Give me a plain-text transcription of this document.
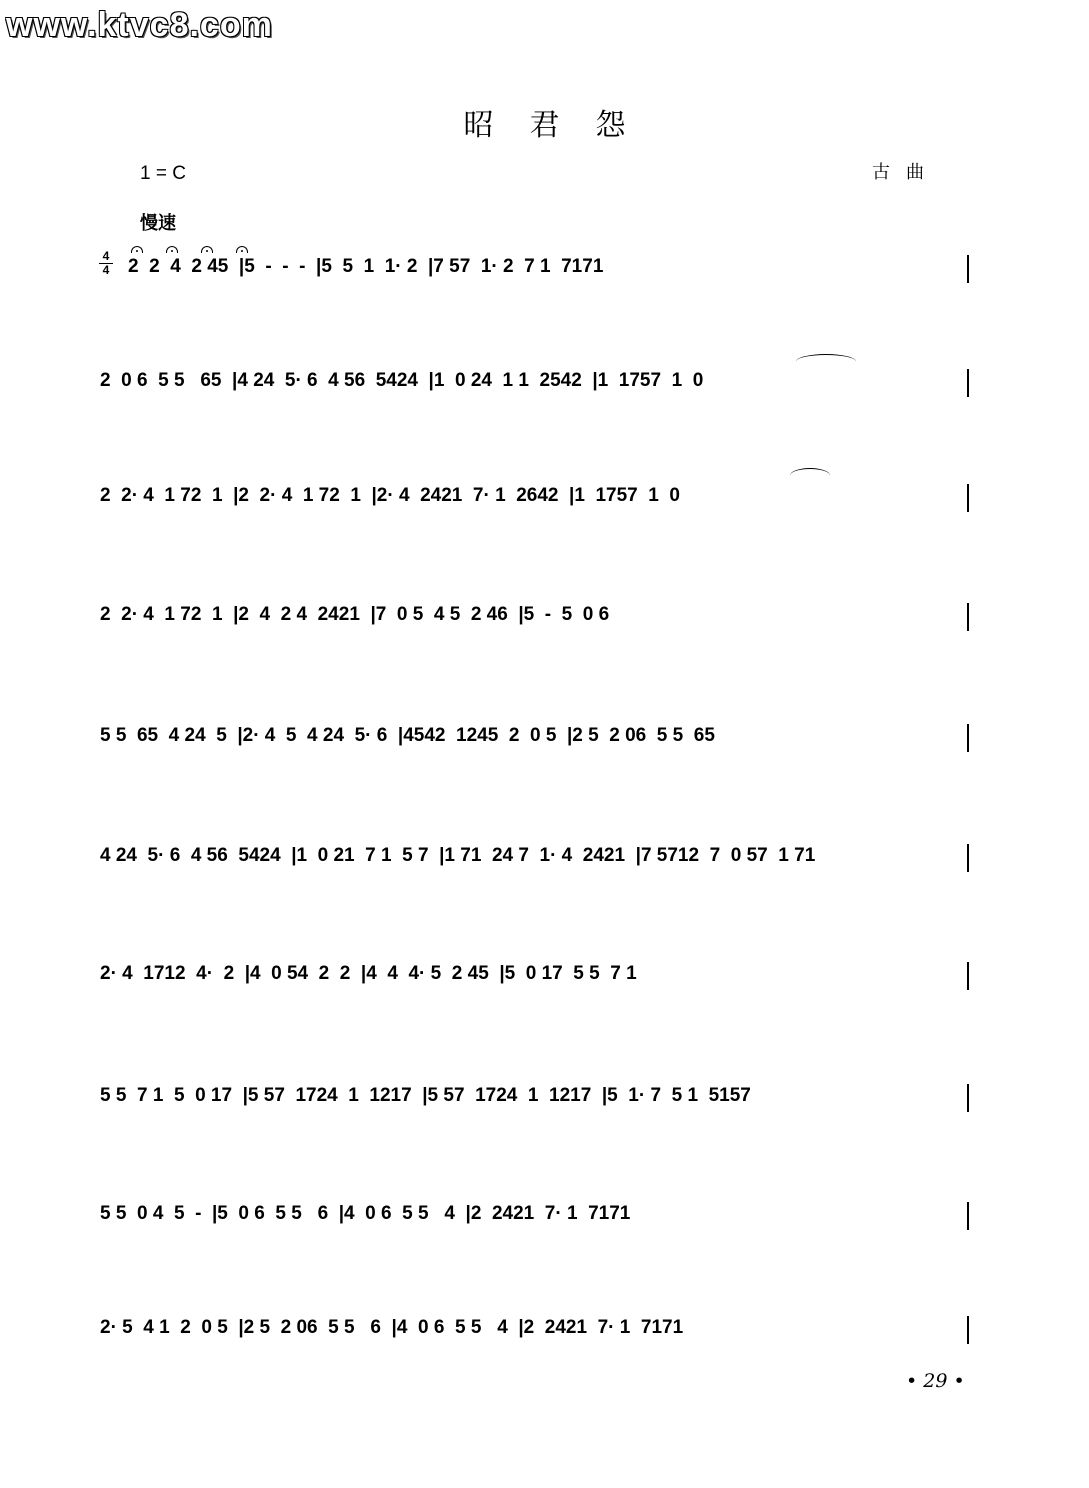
www.ktvc8.com
昭君怨
1 = C	古曲
慢速
$\frac{4}{4} 2$  2  4  2 45  |5  -  -  -  |5  5  1  1· 2  |7 57  1· 2  7 1  7171
2  0 6  5 5   65  |4 24  5· 6  4 56  5424  |1  0 24  1 1  2542  |1  1757  1  0
2  2· 4  1 72  1  |2  2· 4  1 72  1  |2· 4  2421  7· 1  2642  |1  1757  1  0
2  2· 4  1 72  1  |2  4  2 4  2421  |7  0 5  4 5  2 46  |5  -  5  0 6
5 5  65  4 24  5  |2· 4  5  4 24  5· 6  |4542  1245  2  0 5  |2 5  2 06  5 5  65
4 24  5· 6  4 56  5424  |1  0 21  7 1  5 7  |1 71  24 7  1· 4  2421  |7 5712  7  0 57  1 71
2· 4  1712  4·  2  |4  0 54  2  2  |4  4  4· 5  2 45  |5  0 17  5 5  7 1
5 5  7 1  5  0 17  |5 57  1724  1  1217  |5 57  1724  1  1217  |5  1· 7  5 1  5157
5 5  0 4  5  -  |5  0 6  5 5   6  |4  0 6  5 5   4  |2  2421  7· 1  7171
2· 5  4 1  2  0 5  |2 5  2 06  5 5   6  |4  0 6  5 5   4  |2  2421  7· 1  7171
• 29 •
